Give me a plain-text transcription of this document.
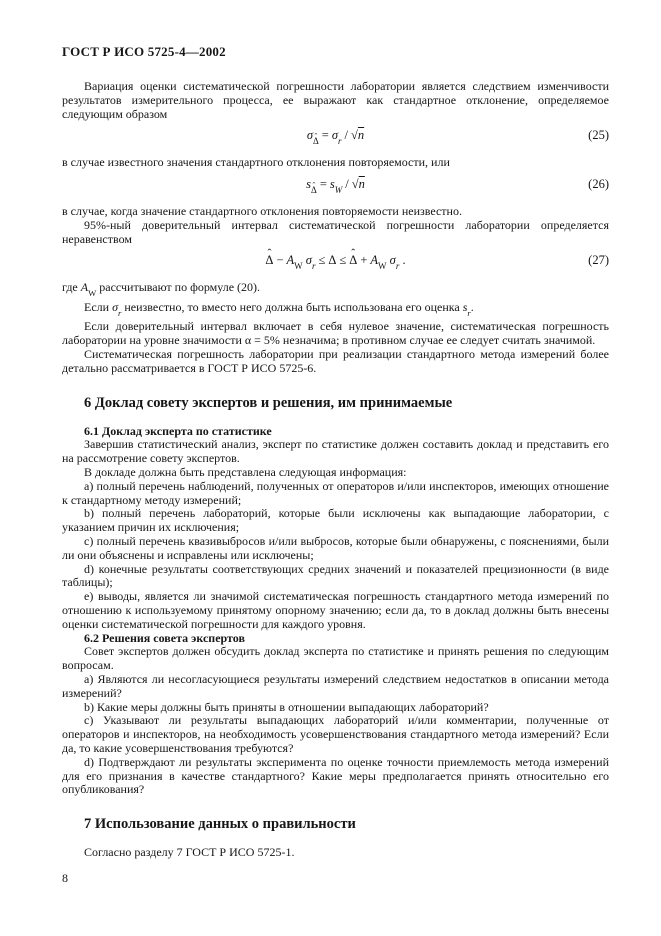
ГОСТ Р ИСО 5725-4—2002

Вариация оценки систематической погрешности лаборатории является следствием изменчивости результатов измерительного процесса, ее выражают как стандартное отклонение, определяемое следующим образом

σΔ ˆ = $\sigma_r / √n$	(25)

в случае известного значения стандартного отклонения повторяемости, или

sΔ ˆ = $s_W / √n$	(26)

в случае, когда значение стандартного отклонения повторяемости неизвестно.

95%-ный доверительный интервал систематической погрешности лаборатории определяется неравенством

Δ ˆ − $A_W$ $\sigma_r \le \Delta \le \Delta$ ˆ + $A_W$ $\sigma_r$ .	(27)

где $A_W$ рассчитывают по формуле (20).

Если $\sigma_r$ неизвестно, то вместо него должна быть использована его оценка $s_r$.

Если доверительный интервал включает в себя нулевое значение, систематическая погрешность лаборатории на уровне значимости α = 5% незначима; в противном случае ее следует считать значимой.

Систематическая погрешность лаборатории при реализации стандартного метода измерений более детально рассматривается в ГОСТ Р ИСО 5725-6.

6 Доклад совету экспертов и решения, им принимаемые

6.1 Доклад эксперта по статистике

Завершив статистический анализ, эксперт по статистике должен составить доклад и представить его на рассмотрение совету экспертов.

В докладе должна быть представлена следующая информация:

а) полный перечень наблюдений, полученных от операторов и/или инспекторов, имеющих отношение к стандартному методу измерений;

b) полный перечень лабораторий, которые были исключены как выпадающие лаборатории, с указанием причин их исключения;

с) полный перечень квазивыбросов и/или выбросов, которые были обнаружены, с пояснениями, были ли они объяснены и исправлены или исключены;

d) конечные результаты соответствующих средних значений и показателей прецизионности (в виде таблицы);

е) выводы, является ли значимой систематическая погрешность стандартного метода измерений по отношению к используемому принятому опорному значению; если да, то в доклад должны быть внесены оценки систематической погрешности для каждого уровня.

6.2 Решения совета экспертов

Совет экспертов должен обсудить доклад эксперта по статистике и принять решения по следующим вопросам.

а) Являются ли несогласующиеся результаты измерений следствием недостатков в описании метода измерений?

b) Какие меры должны быть приняты в отношении выпадающих лабораторий?

с) Указывают ли результаты выпадающих лабораторий и/или комментарии, полученные от операторов и инспекторов, на необходимость усовершенствования стандартного метода измерений? Если да, то какие усовершенствования требуются?

d) Подтверждают ли результаты эксперимента по оценке точности приемлемость метода измерений для его признания в качестве стандартного? Какие меры предполагается принять относительно его опубликования?

7 Использование данных о правильности

Согласно разделу 7 ГОСТ Р ИСО 5725-1.

8
